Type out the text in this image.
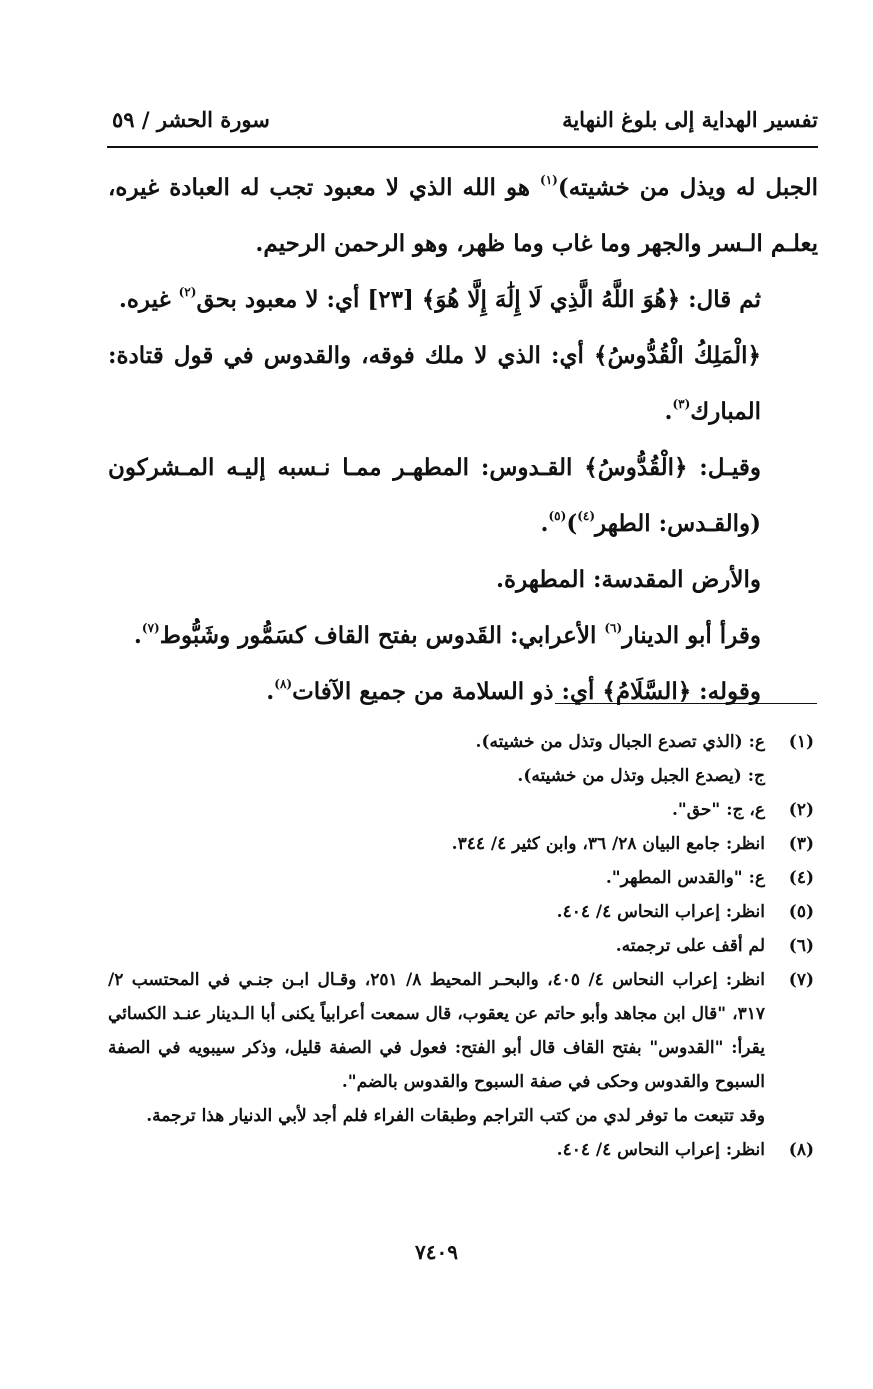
تفسير الهداية إلى بلوغ النهاية
سورة الحشر / ٥٩

الجبل له ويذل من خشيته)$^{(١)}$ هو الله الذي لا معبود تجب له العبادة غيره، يعلـم الـسر والجهر وما غاب وما ظهر، وهو الرحمن الرحيم.

ثم قال: ﴿هُوَ اللَّهُ الَّذِي لَا إِلَٰهَ إِلَّا هُوَ﴾ [٢٣] أي: لا معبود بحق$^{(٢)}$ غيره.

﴿الْمَلِكُ الْقُدُّوسُ﴾ أي: الذي لا ملك فوقه، والقدوس في قول قتادة: المبارك$^{(٣)}$.

وقيـل: ﴿الْقُدُّوسُ﴾ القـدوس: المطهـر ممـا نـسبه إليـه المـشركون (والقـدس: الطهر$^{(٤)}$)$^{(٥)}$.

والأرض المقدسة: المطهرة.

وقرأ أبو الدينار$^{(٦)}$ الأعرابي: القَدوس بفتح القاف كسَمُّور وشَبُّوط$^{(٧)}$.

وقوله: ﴿السَّلَامُ﴾ أي: ذو السلامة من جميع الآفات$^{(٨)}$.

(١)

ع: (الذي تصدع الجبال وتذل من خشيته).

ج: (يصدع الجبل وتذل من خشيته).

(٢)

ع، ج: "حق".

(٣)

انظر: جامع البيان ٢٨/ ٣٦، وابن كثير ٤/ ٣٤٤.

(٤)

ع: "والقدس المطهر".

(٥)

انظر: إعراب النحاس ٤/ ٤٠٤.

(٦)

لم أقف على ترجمته.

(٧)

انظر: إعراب النحاس ٤/ ٤٠٥، والبحـر المحيط ٨/ ٢٥١، وقـال ابـن جنـي في المحتسب ٢/ ٣١٧، "قال ابن مجاهد وأبو حاتم عن يعقوب، قال سمعت أعرابياً يكنى أبا الـدينار عنـد الكسائي يقرأ: "القدوس" بفتح القاف قال أبو الفتح: فعول في الصفة قليل، وذكر سيبويه في الصفة السبوح والقدوس وحكى في صفة السبوح والقدوس بالضم".

وقد تتبعت ما توفر لدي من كتب التراجم وطبقات الفراء فلم أجد لأبي الدنيار هذا ترجمة.

(٨)

انظر: إعراب النحاس ٤/ ٤٠٤.

٧٤٠٩
